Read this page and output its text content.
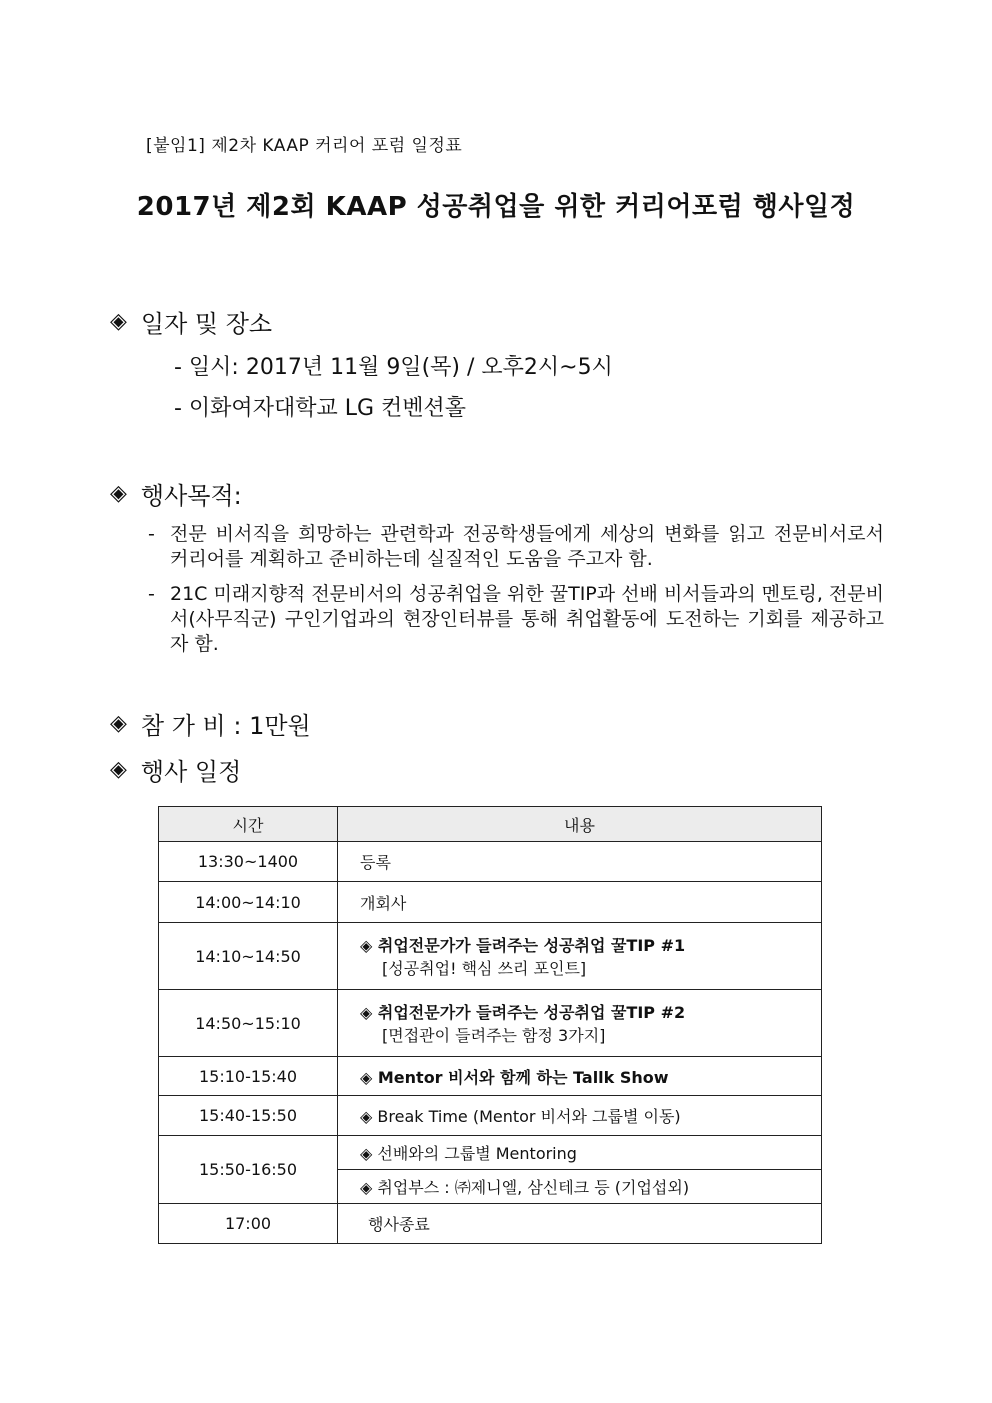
[붙임1] 제2차 KAAP 커리어 포럼 일정표
2017년 제2회 KAAP 성공취업을 위한 커리어포럼 행사일정
◈ 일자 및 장소
- 일시: 2017년 11월 9일(목) / 오후2시~5시
- 이화여자대학교 LG 컨벤션홀
◈ 행사목적:
- 전문 비서직을 희망하는 관련학과 전공학생들에게 세상의 변화를 읽고 전문비서로서 커리어를 계획하고 준비하는데 실질적인 도움을 주고자 함.
- 21C 미래지향적 전문비서의 성공취업을 위한 꿀TIP과 선배 비서들과의 멘토링, 전문비서(사무직군) 구인기업과의 현장인터뷰를 통해 취업활동에 도전하는 기회를 제공하고자 함.
◈ 참 가 비 : 1만원
◈ 행사 일정
시간	내용
13:30~1400	등록
14:00~14:10	개회사
14:10~14:50	◈ 취업전문가가 들려주는 성공취업 꿀TIP #1
[성공취업! 핵심 쓰리 포인트]

14:50~15:10	◈ 취업전문가가 들려주는 성공취업 꿀TIP #2
[면접관이 들려주는 함정 3가지]

15:10-15:40	◈ Mentor 비서와 함께 하는 Tallk Show
15:40-15:50	◈ Break Time (Mentor 비서와 그룹별 이동)
15:50-16:50	◈ 선배와의 그룹별 Mentoring
	◈ 취업부스 : ㈜제니엘, 삼신테크 등 (기업섭외)
17:00	행사종료
